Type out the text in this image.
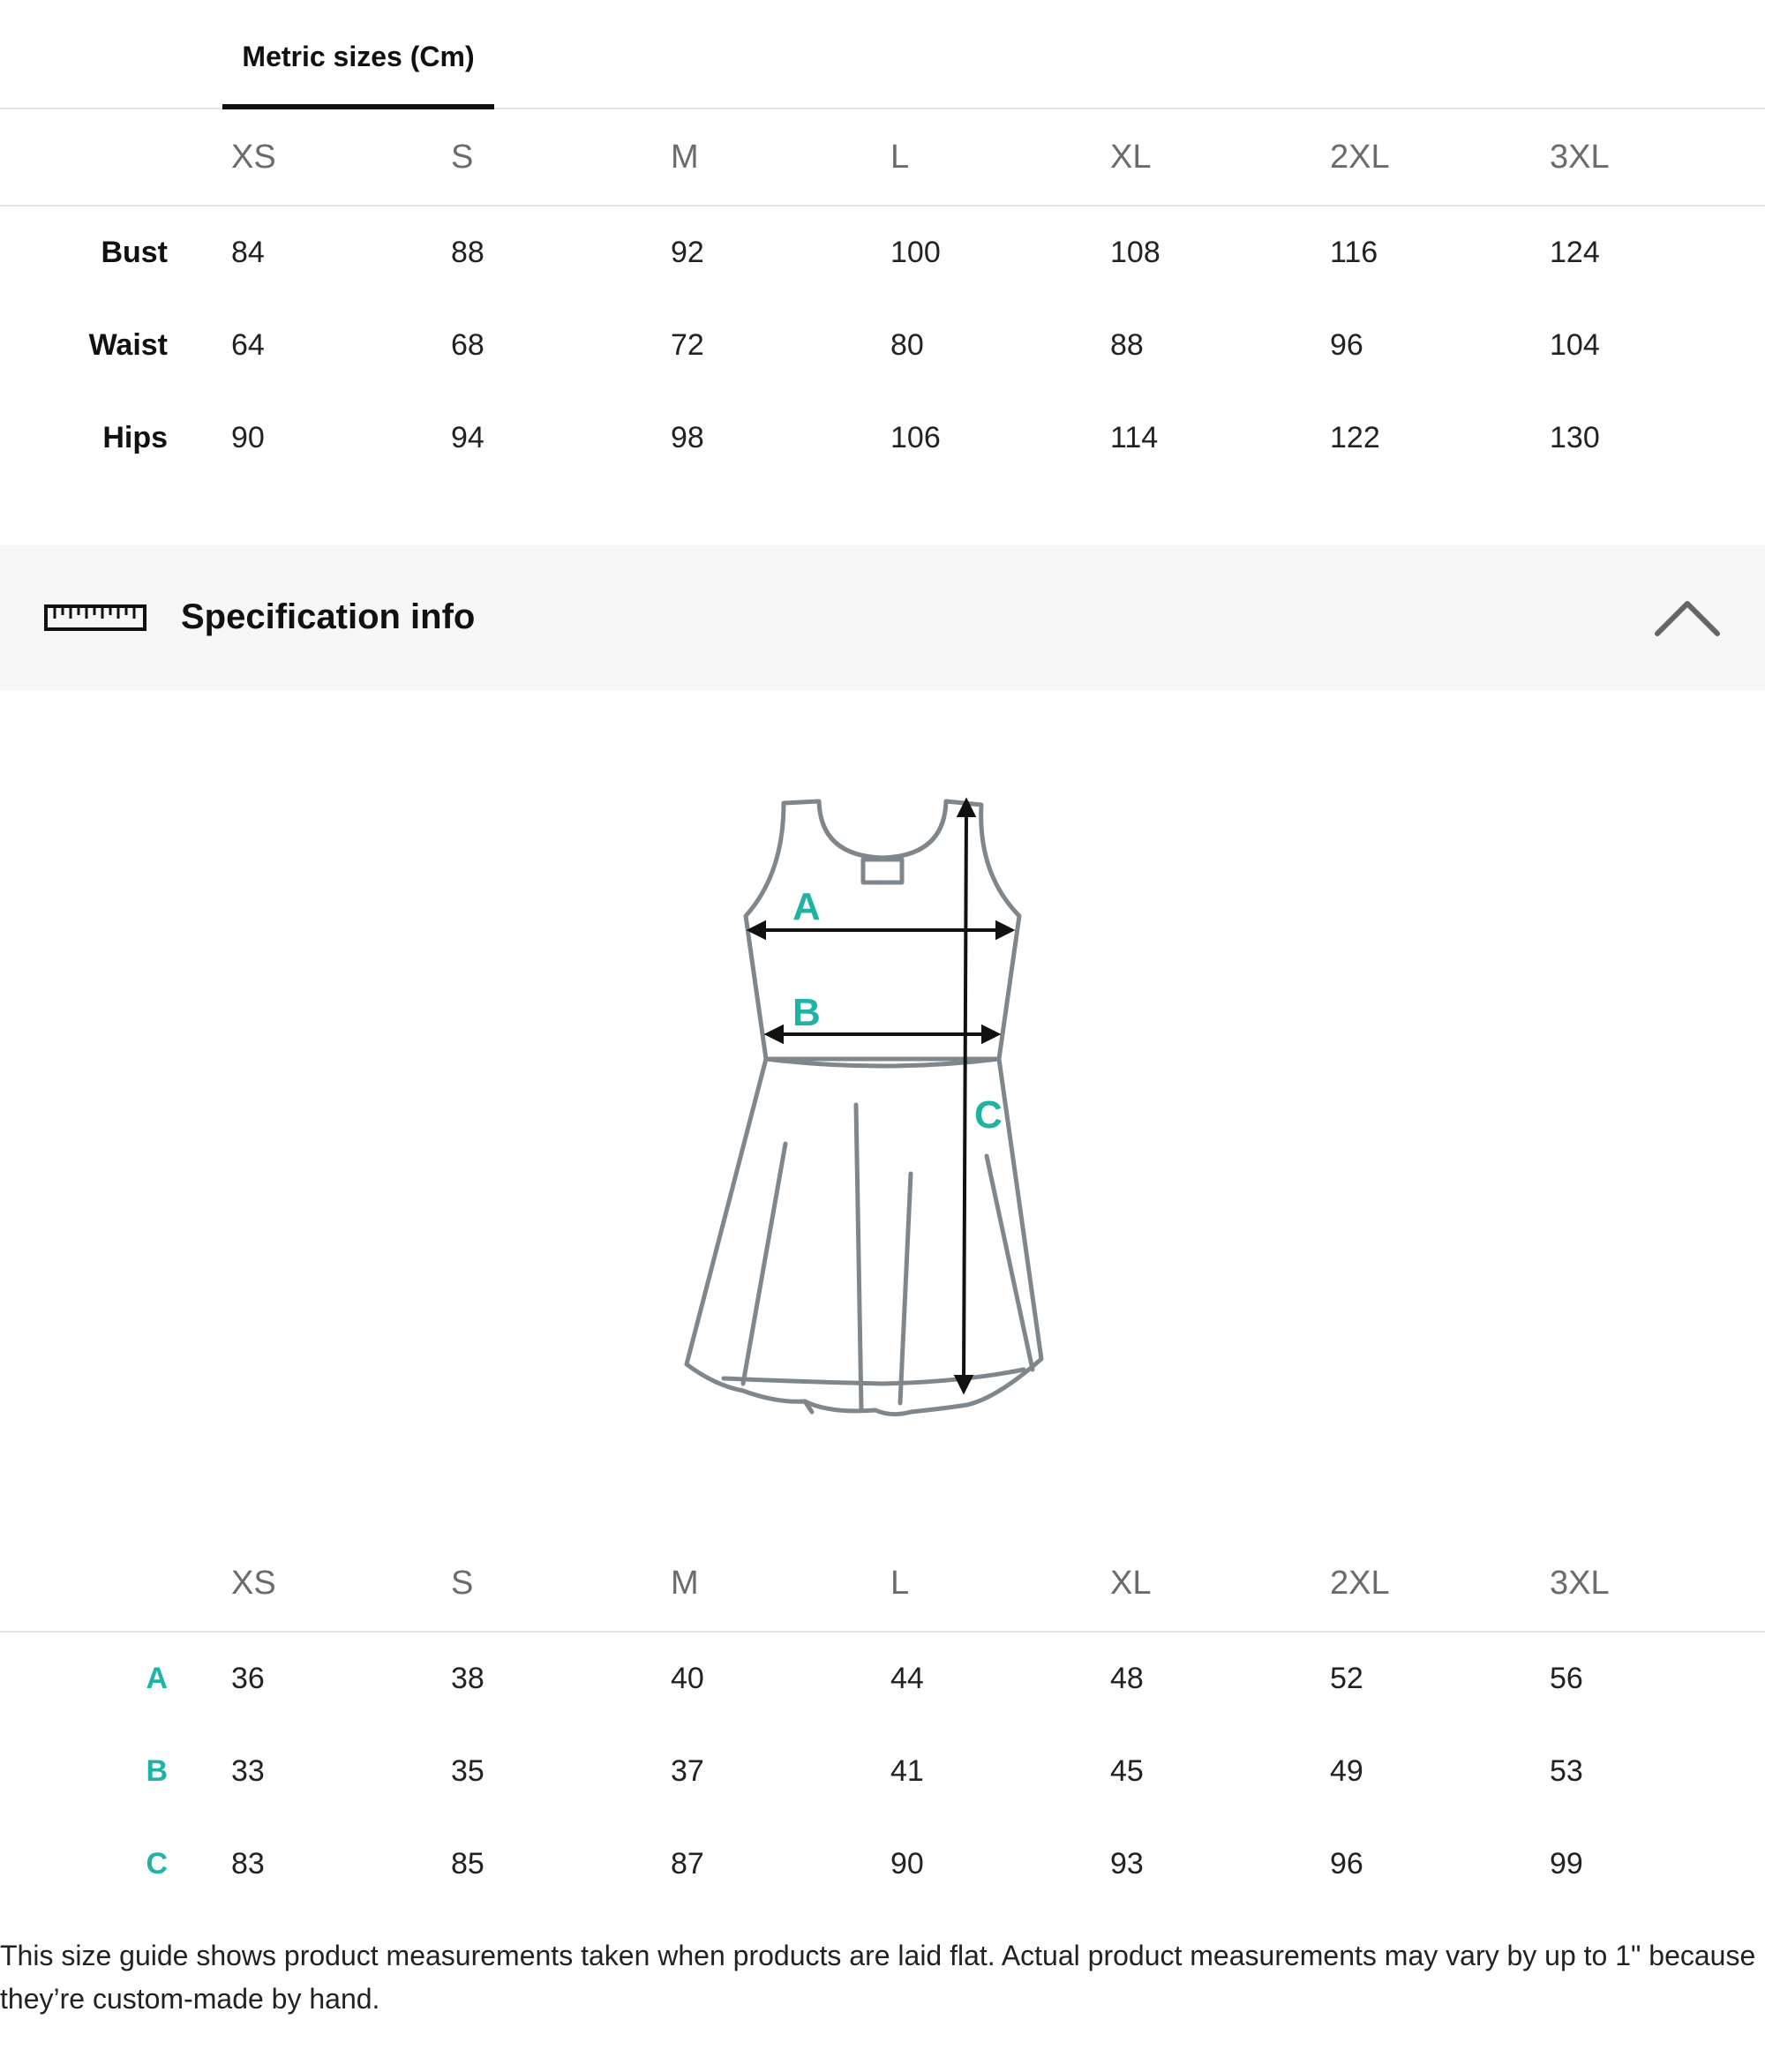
Metric sizes (Cm)
	XS	S	M	L	XL	2XL	3XL
Bust	84	88	92	100	108	116	124
Waist	64	68	72	80	88	96	104
Hips	90	94	98	106	114	122	130
Specification info
A
B
C
	XS	S	M	L	XL	2XL	3XL
A	36	38	40	44	48	52	56
B	33	35	37	41	45	49	53
C	83	85	87	90	93	96	99
This size guide shows product measurements taken when products are laid flat. Actual product measurements may vary by up to 1" because they’re custom-made by hand.
